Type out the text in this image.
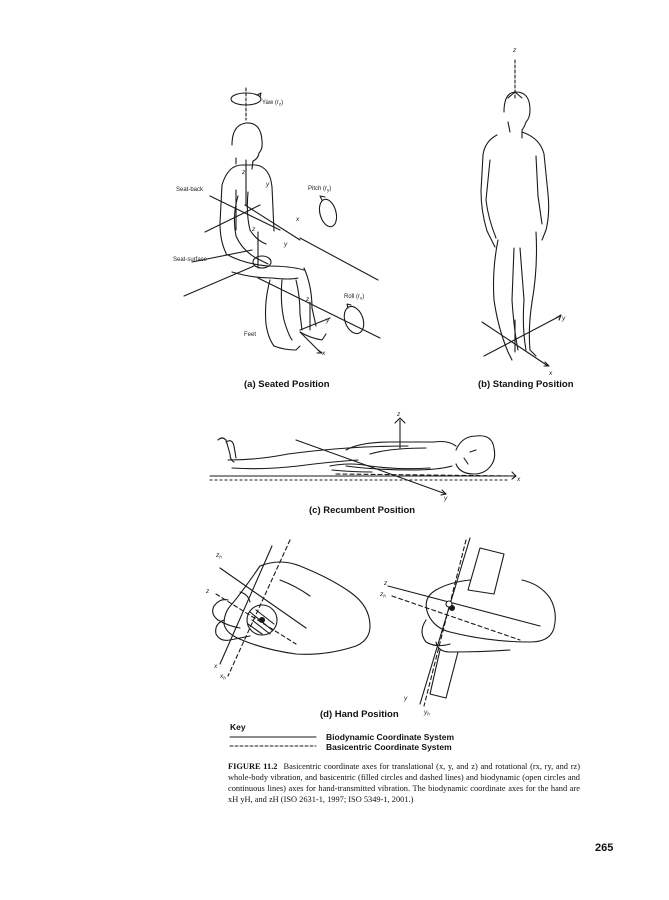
Yaw $(r_z)$
Pitch $(r_y)$
Roll $(r_x)$
Seat-back
Seat-surface
Feet
z
y
x
z
y
z
y
x
(a) Seated Position
z
y
x
(b) Standing Position
z
x
y
(c) Recumbent Position
$z_h$
z
x
$x_h$
z
$z_h$
y
$y_h$
(d) Hand Position
Key
Biodynamic Coordinate System
Basicentric Coordinate System
FIGURE 11.2 Basicentric coordinate axes for translational (x, y, and z) and rotational (rx, ry, and rz) whole-body vibration, and basicentric (filled circles and dashed lines) and biodynamic (open circles and continuous lines) axes for hand-transmitted vibration. The biodynamic coordinate axes for the hand are xH yH, and zH (ISO 2631-1, 1997; ISO 5349-1, 2001.)
265
